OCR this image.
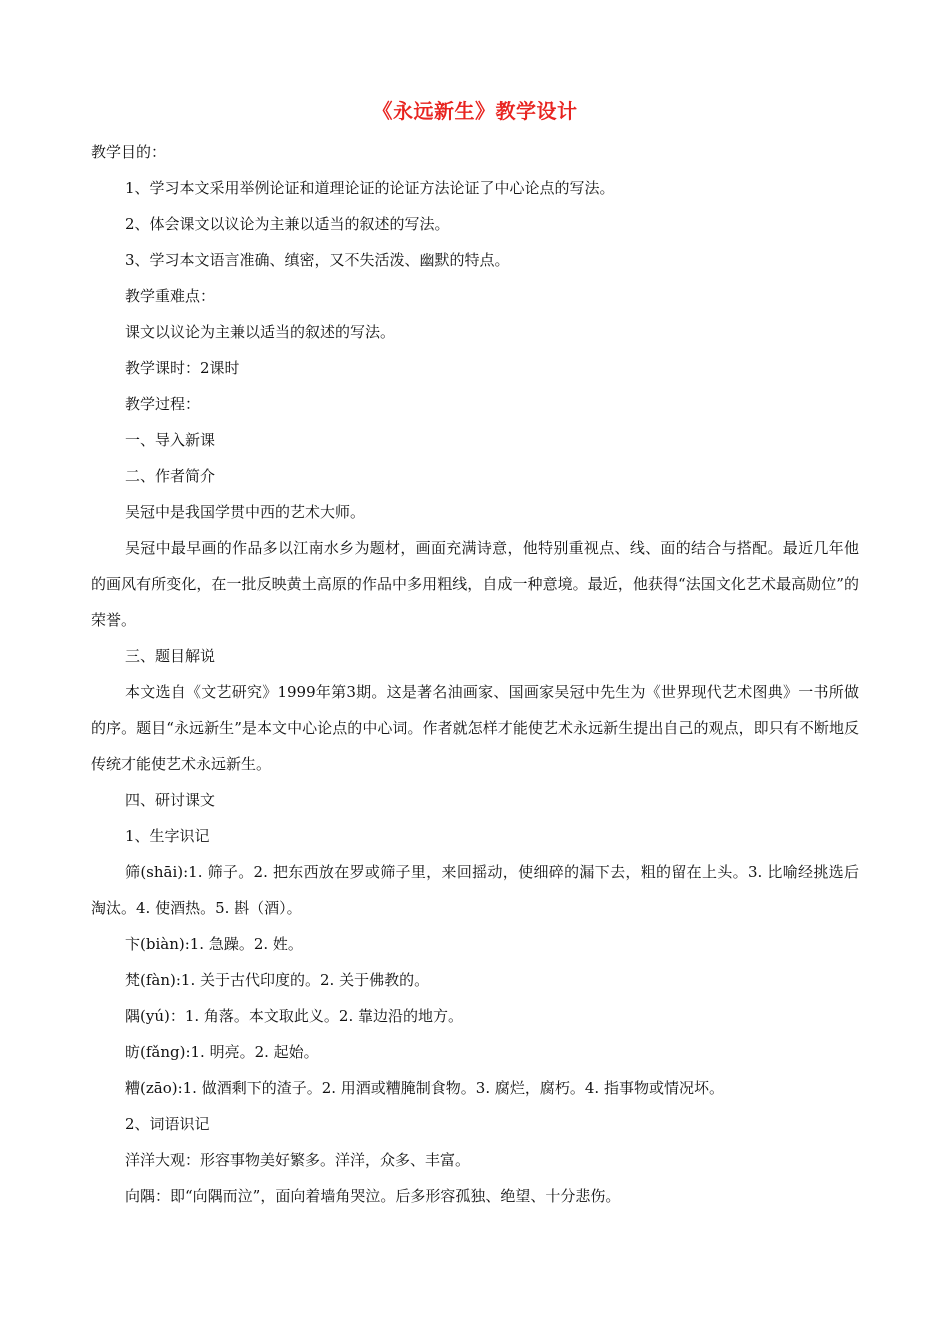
《永远新生》教学设计

教学目的：

1、学习本文采用举例论证和道理论证的论证方法论证了中心论点的写法。

2、体会课文以议论为主兼以适当的叙述的写法。

3、学习本文语言准确、缜密，又不失活泼、幽默的特点。

教学重难点：

课文以议论为主兼以适当的叙述的写法。

教学课时：2课时

教学过程：

一、导入新课

二、作者简介

吴冠中是我国学贯中西的艺术大师。

吴冠中最早画的作品多以江南水乡为题材，画面充满诗意，他特别重视点、线、面的结合与搭配。最近几年他的画风有所变化，在一批反映黄土高原的作品中多用粗线，自成一种意境。最近，他获得“法国文化艺术最高勋位”的荣誉。

三、题目解说

本文选自《文艺研究》1999年第3期。这是著名油画家、国画家吴冠中先生为《世界现代艺术图典》一书所做的序。题目“永远新生”是本文中心论点的中心词。作者就怎样才能使艺术永远新生提出自己的观点，即只有不断地反传统才能使艺术永远新生。

四、研讨课文

1、生字识记

筛(shāi):1. 筛子。2. 把东西放在罗或筛子里，来回摇动，使细碎的漏下去，粗的留在上头。3. 比喻经挑选后淘汰。4. 使酒热。5. 斟（酒）。

卞(biàn):1. 急躁。2. 姓。

梵(fàn):1. 关于古代印度的。2. 关于佛教的。

隅(yú)：1. 角落。本文取此义。2. 靠边沿的地方。

昉(fǎng):1. 明亮。2. 起始。

糟(zāo):1. 做酒剩下的渣子。2. 用酒或糟腌制食物。3. 腐烂，腐朽。4. 指事物或情况坏。

2、词语识记

洋洋大观：形容事物美好繁多。洋洋，众多、丰富。

向隅：即“向隅而泣”，面向着墙角哭泣。后多形容孤独、绝望、十分悲伤。
